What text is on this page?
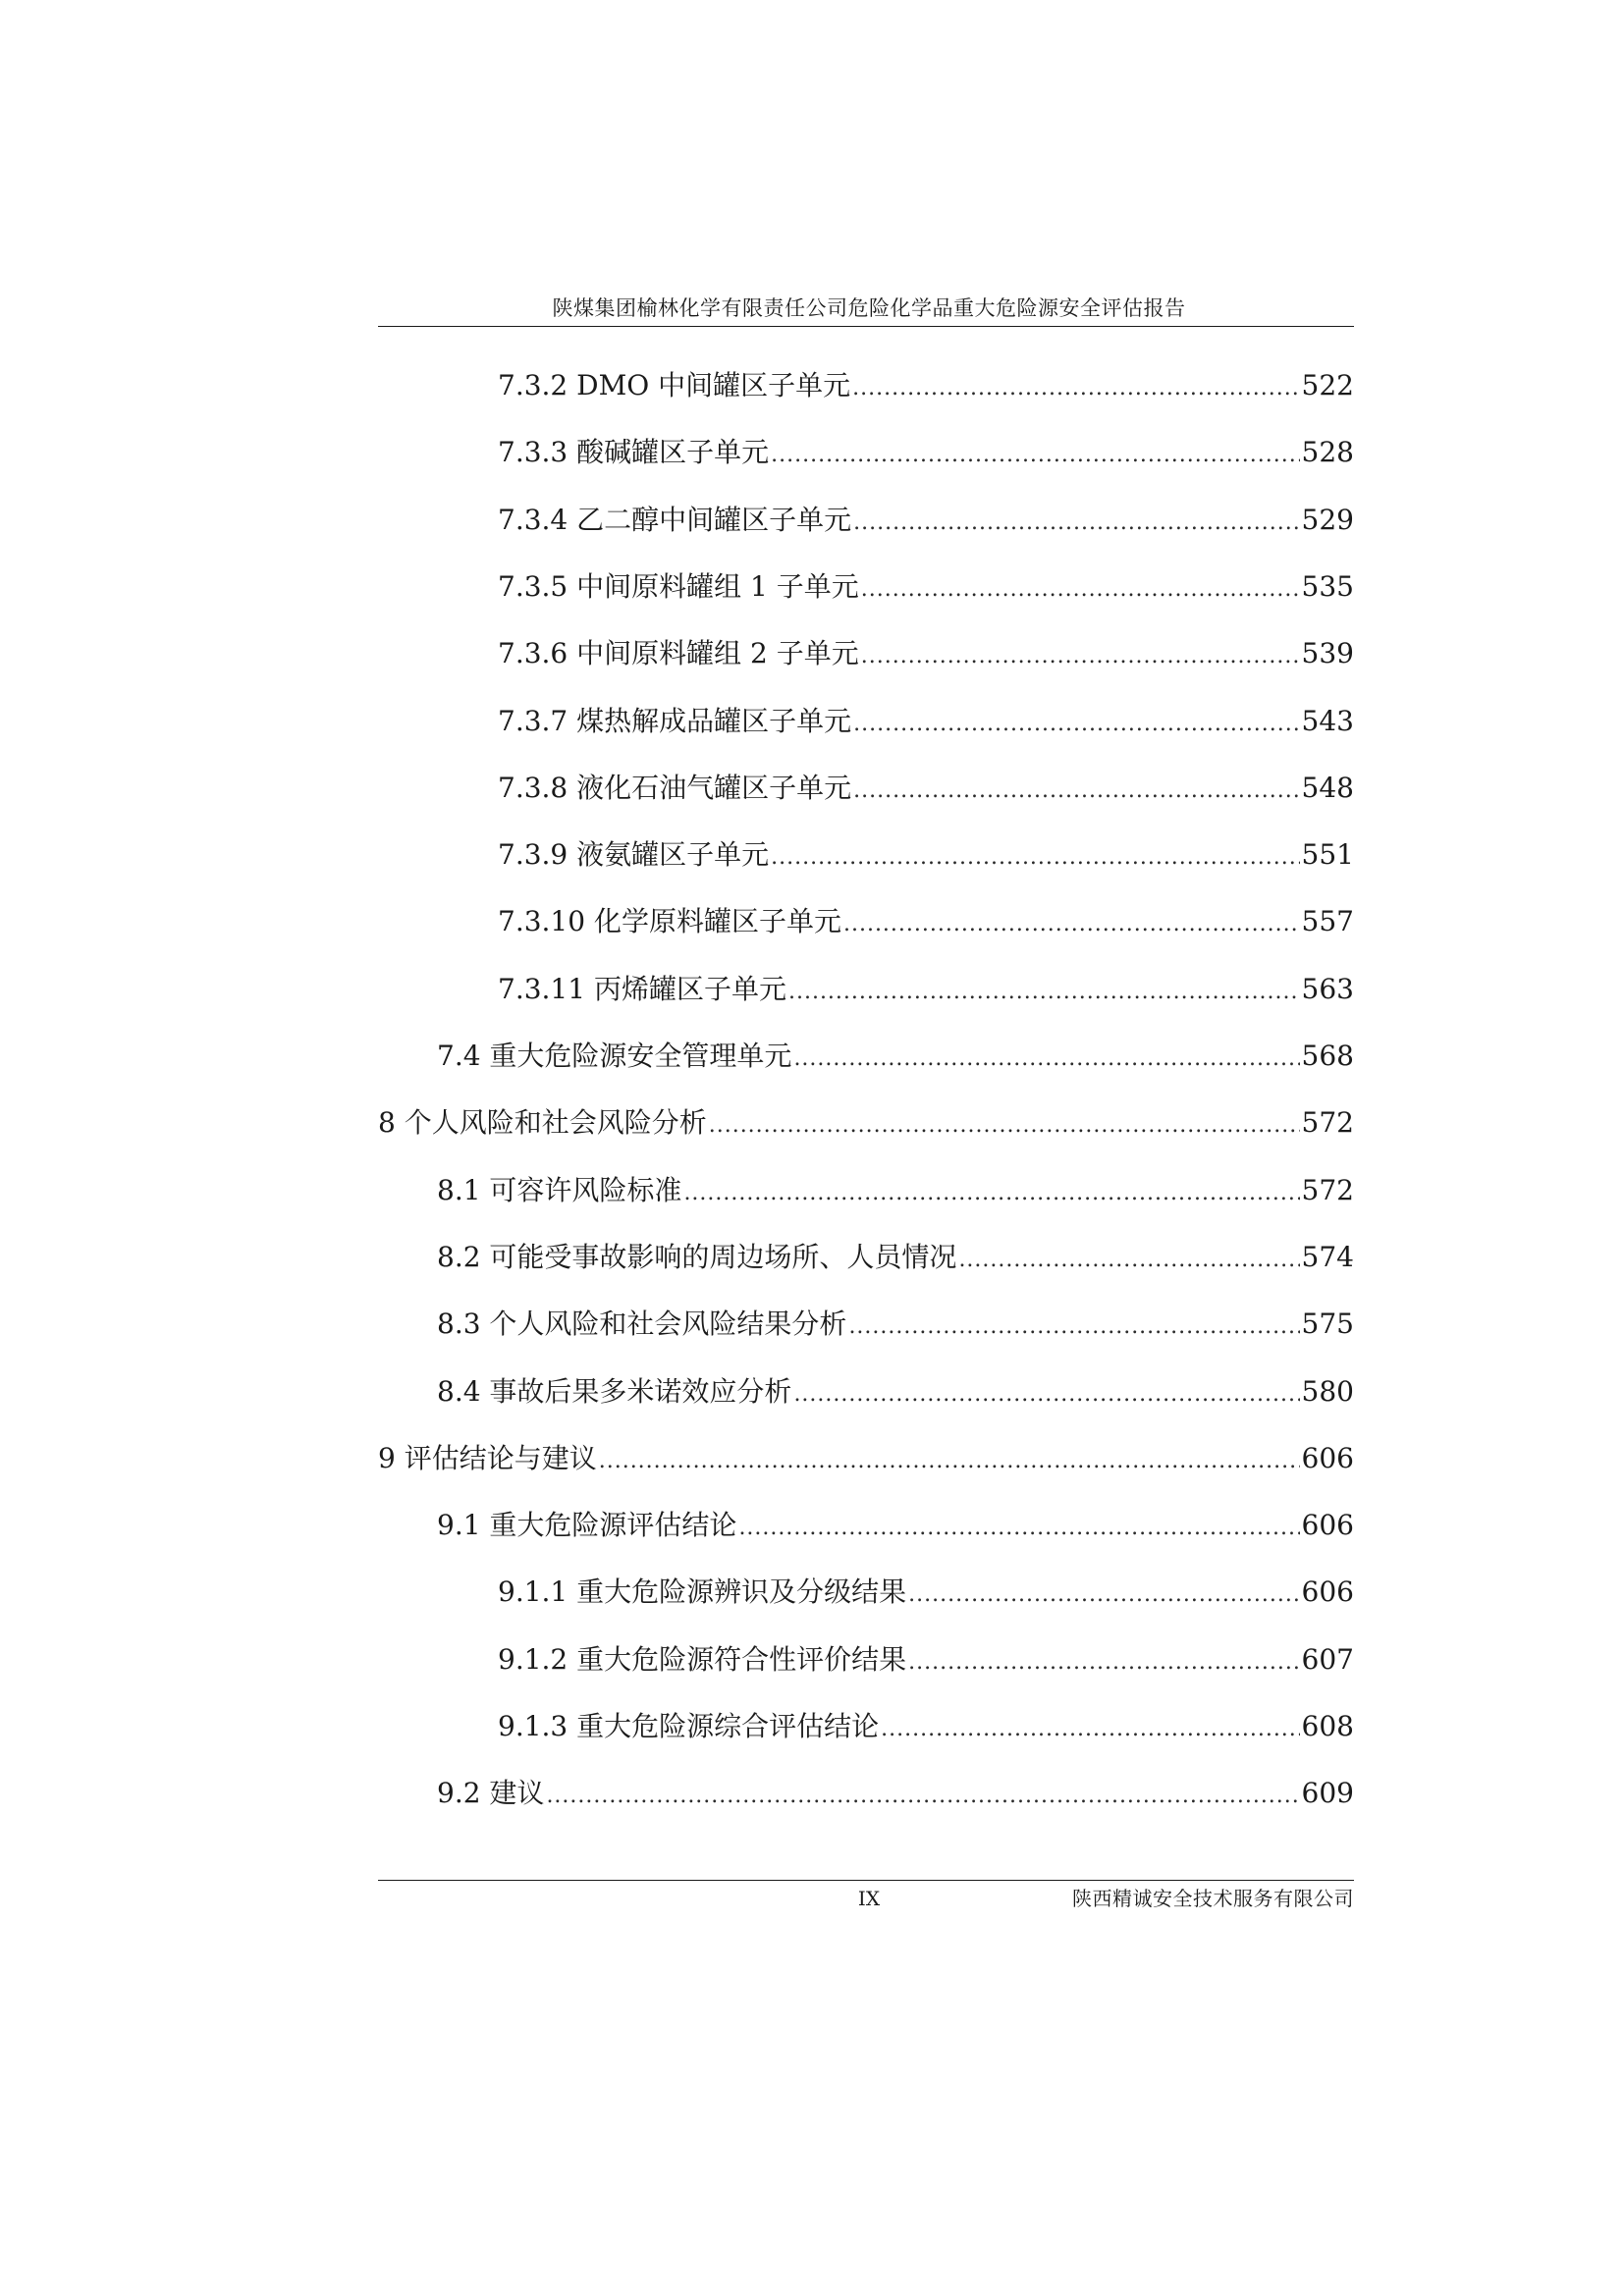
陕煤集团榆林化学有限责任公司危险化学品重大危险源安全评估报告
7.3.2 DMO 中间罐区子单元 .....	522
7.3.3 酸碱罐区子单元 .....	528
7.3.4 乙二醇中间罐区子单元 .....	529
7.3.5 中间原料罐组 1 子单元 .....	535
7.3.6 中间原料罐组 2 子单元 .....	539
7.3.7 煤热解成品罐区子单元 .....	543
7.3.8 液化石油气罐区子单元 .....	548
7.3.9 液氨罐区子单元 .....	551
7.3.10 化学原料罐区子单元 .....	557
7.3.11 丙烯罐区子单元 .....	563
7.4 重大危险源安全管理单元 .....	568
8 个人风险和社会风险分析 .....	572
8.1 可容许风险标准 .....	572
8.2 可能受事故影响的周边场所、人员情况 .....	574
8.3 个人风险和社会风险结果分析 .....	575
8.4 事故后果多米诺效应分析 .....	580
9 评估结论与建议 .....	606
9.1 重大危险源评估结论 .....	606
9.1.1 重大危险源辨识及分级结果 .....	606
9.1.2 重大危险源符合性评价结果 .....	607
9.1.3 重大危险源综合评估结论 .....	608
9.2 建议 .....	609
IX	陕西精诚安全技术服务有限公司
